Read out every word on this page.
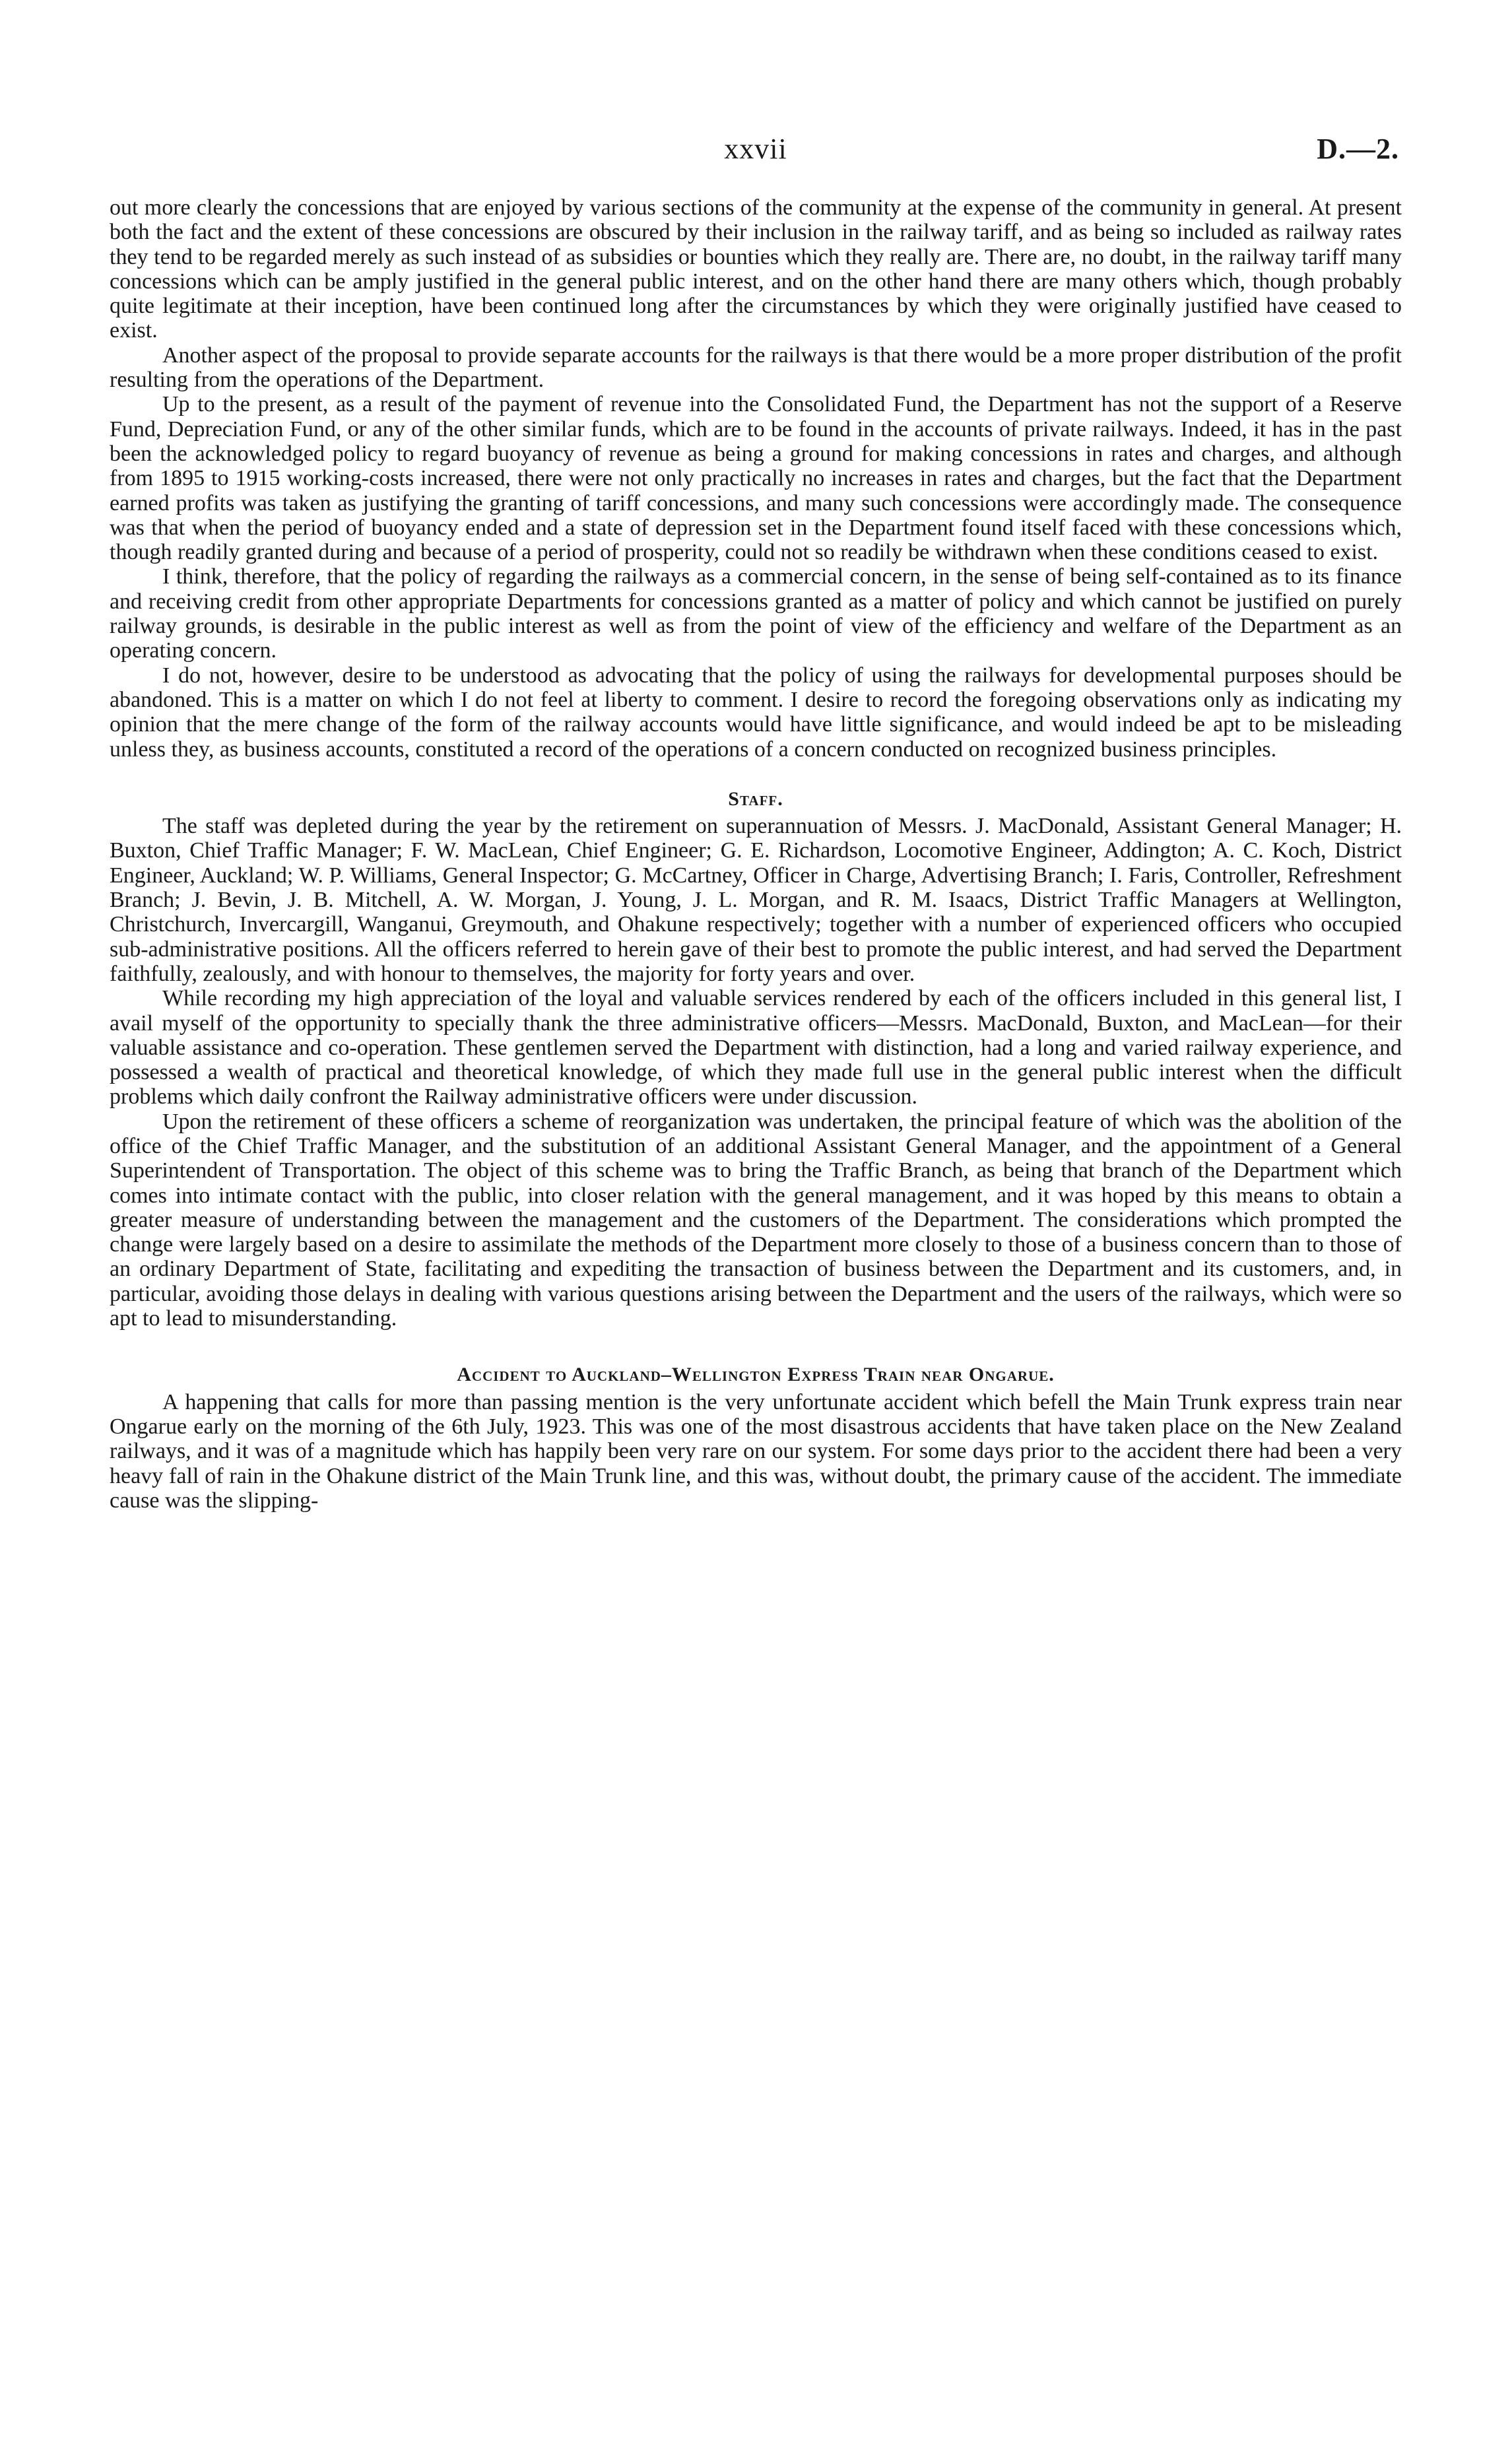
xxvii	D.—2.

out more clearly the concessions that are enjoyed by various sections of the community at the expense of the community in general. At present both the fact and the extent of these concessions are obscured by their inclusion in the railway tariff, and as being so included as railway rates they tend to be regarded merely as such instead of as subsidies or bounties which they really are. There are, no doubt, in the railway tariff many concessions which can be amply justified in the general public interest, and on the other hand there are many others which, though probably quite legitimate at their inception, have been continued long after the circumstances by which they were originally justified have ceased to exist.

Another aspect of the proposal to provide separate accounts for the railways is that there would be a more proper distribution of the profit resulting from the operations of the Department.

Up to the present, as a result of the payment of revenue into the Consolidated Fund, the Department has not the support of a Reserve Fund, Depreciation Fund, or any of the other similar funds, which are to be found in the accounts of private railways. Indeed, it has in the past been the acknowledged policy to regard buoyancy of revenue as being a ground for making concessions in rates and charges, and although from 1895 to 1915 working-costs increased, there were not only practically no increases in rates and charges, but the fact that the Department earned profits was taken as justifying the granting of tariff concessions, and many such concessions were accordingly made. The consequence was that when the period of buoyancy ended and a state of depression set in the Department found itself faced with these concessions which, though readily granted during and because of a period of prosperity, could not so readily be withdrawn when these conditions ceased to exist.

I think, therefore, that the policy of regarding the railways as a commercial concern, in the sense of being self-contained as to its finance and receiving credit from other appropriate Departments for concessions granted as a matter of policy and which cannot be justified on purely railway grounds, is desirable in the public interest as well as from the point of view of the efficiency and welfare of the Department as an operating concern.

I do not, however, desire to be understood as advocating that the policy of using the railways for developmental purposes should be abandoned. This is a matter on which I do not feel at liberty to comment. I desire to record the foregoing observations only as indicating my opinion that the mere change of the form of the railway accounts would have little significance, and would indeed be apt to be misleading unless they, as business accounts, constituted a record of the operations of a concern conducted on recognized business principles.

Staff.

The staff was depleted during the year by the retirement on superannuation of Messrs. J. MacDonald, Assistant General Manager; H. Buxton, Chief Traffic Manager; F. W. MacLean, Chief Engineer; G. E. Richardson, Locomotive Engineer, Addington; A. C. Koch, District Engineer, Auckland; W. P. Williams, General Inspector; G. McCartney, Officer in Charge, Advertising Branch; I. Faris, Controller, Refreshment Branch; J. Bevin, J. B. Mitchell, A. W. Morgan, J. Young, J. L. Morgan, and R. M. Isaacs, District Traffic Managers at Wellington, Christchurch, Invercargill, Wanganui, Greymouth, and Ohakune respectively; together with a number of experienced officers who occupied sub-administrative positions. All the officers referred to herein gave of their best to promote the public interest, and had served the Department faithfully, zealously, and with honour to themselves, the majority for forty years and over.

While recording my high appreciation of the loyal and valuable services rendered by each of the officers included in this general list, I avail myself of the opportunity to specially thank the three administrative officers—Messrs. MacDonald, Buxton, and MacLean—for their valuable assistance and co-operation. These gentlemen served the Department with distinction, had a long and varied railway experience, and possessed a wealth of practical and theoretical knowledge, of which they made full use in the general public interest when the difficult problems which daily confront the Railway administrative officers were under discussion.

Upon the retirement of these officers a scheme of reorganization was undertaken, the principal feature of which was the abolition of the office of the Chief Traffic Manager, and the substitution of an additional Assistant General Manager, and the appointment of a General Superintendent of Transportation. The object of this scheme was to bring the Traffic Branch, as being that branch of the Department which comes into intimate contact with the public, into closer relation with the general management, and it was hoped by this means to obtain a greater measure of understanding between the management and the customers of the Department. The considerations which prompted the change were largely based on a desire to assimilate the methods of the Department more closely to those of a business concern than to those of an ordinary Department of State, facilitating and expediting the transaction of business between the Department and its customers, and, in particular, avoiding those delays in dealing with various questions arising between the Department and the users of the railways, which were so apt to lead to misunderstanding.

Accident to Auckland–Wellington Express Train near Ongarue.

A happening that calls for more than passing mention is the very unfortunate accident which befell the Main Trunk express train near Ongarue early on the morning of the 6th July, 1923. This was one of the most disastrous accidents that have taken place on the New Zealand railways, and it was of a magnitude which has happily been very rare on our system. For some days prior to the accident there had been a very heavy fall of rain in the Ohakune district of the Main Trunk line, and this was, without doubt, the primary cause of the accident. The immediate cause was the slipping-
